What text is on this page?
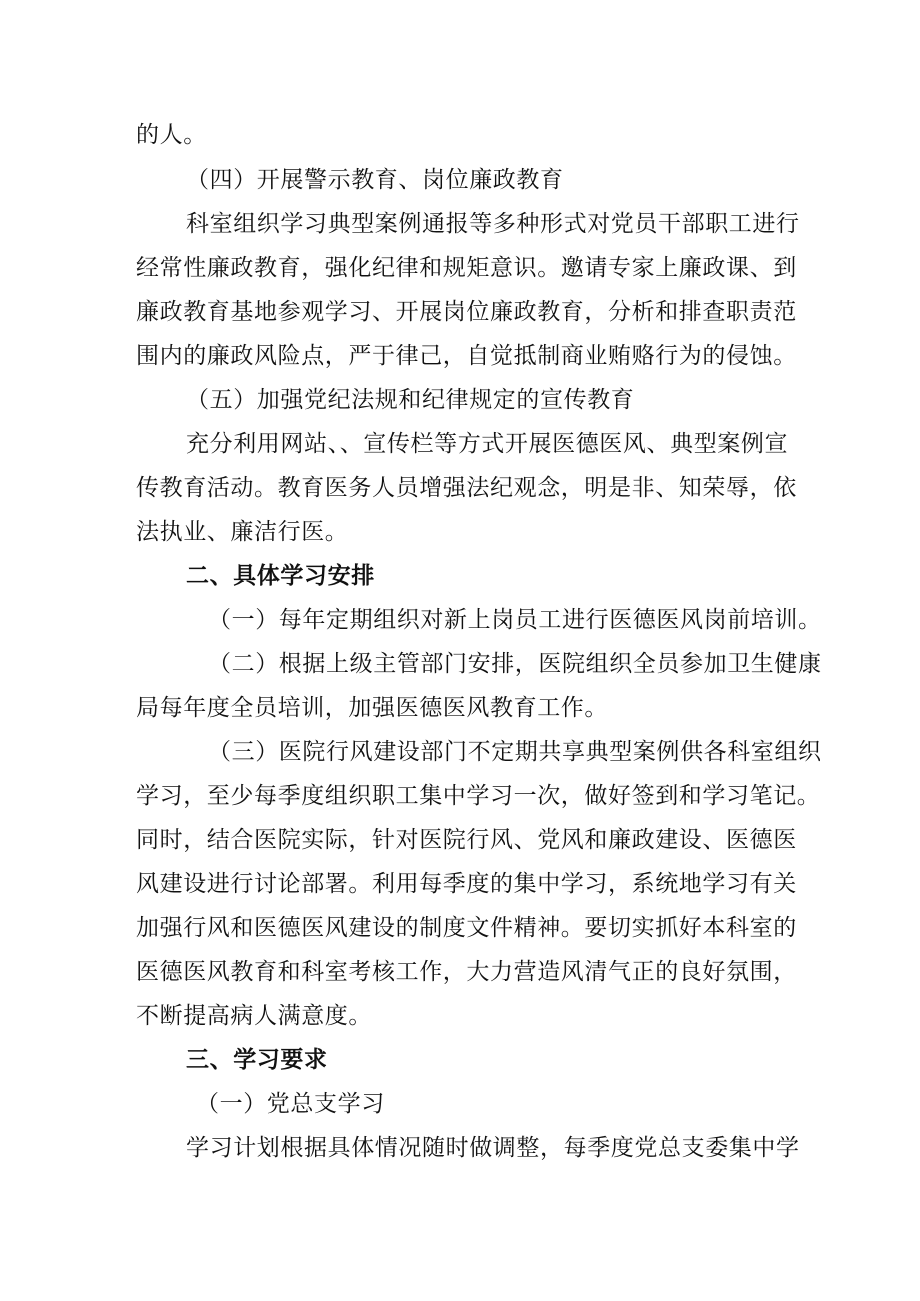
的人。
（四）开展警示教育、岗位廉政教育
科室组织学习典型案例通报等多种形式对党员干部职工进行
经常性廉政教育，强化纪律和规矩意识。邀请专家上廉政课、到
廉政教育基地参观学习、开展岗位廉政教育，分析和排查职责范
围内的廉政风险点，严于律己，自觉抵制商业贿赂行为的侵蚀。
（五）加强党纪法规和纪律规定的宣传教育
充分利用网站、、宣传栏等方式开展医德医风、典型案例宣
传教育活动。教育医务人员增强法纪观念，明是非、知荣辱，依
法执业、廉洁行医。
二、具体学习安排
（一）每年定期组织对新上岗员工进行医德医风岗前培训。
（二）根据上级主管部门安排，医院组织全员参加卫生健康
局每年度全员培训，加强医德医风教育工作。
（三）医院行风建设部门不定期共享典型案例供各科室组织
学习，至少每季度组织职工集中学习一次，做好签到和学习笔记。
同时，结合医院实际，针对医院行风、党风和廉政建设、医德医
风建设进行讨论部署。利用每季度的集中学习，系统地学习有关
加强行风和医德医风建设的制度文件精神。要切实抓好本科室的
医德医风教育和科室考核工作，大力营造风清气正的良好氛围，
不断提高病人满意度。
三、学习要求
（一）党总支学习
学习计划根据具体情况随时做调整，每季度党总支委集中学
